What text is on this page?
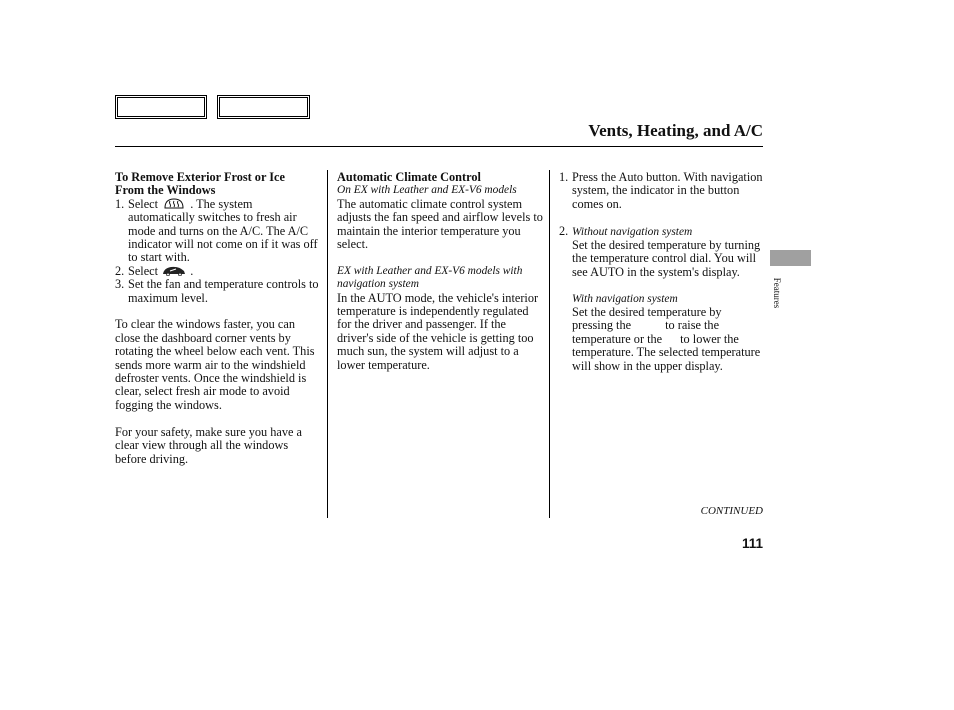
Vents, Heating, and A/C

To Remove Exterior Frost or Ice

From the Windows

1. Select	. The system automatically switches to fresh air mode and turns on the A/C. The A/C indicator will not come on if it was off to start with.
2. Select	.
3. Set the fan and temperature controls to maximum level.

To clear the windows faster, you can close the dashboard corner vents by rotating the wheel below each vent. This sends more warm air to the windshield defroster vents. Once the windshield is clear, select fresh air mode to avoid fogging the windows.

For your safety, make sure you have a clear view through all the windows before driving.

Automatic Climate Control

On EX with Leather and EX-V6 models

The automatic climate control system adjusts the fan speed and airflow levels to maintain the interior temperature you select.

EX with Leather and EX-V6 models with navigation system

In the AUTO mode, the vehicle's interior temperature is independently regulated for the driver and passenger. If the driver's side of the vehicle is getting too much sun, the system will adjust to a lower temperature.

1. Press the Auto button. With navigation system, the indicator in the button comes on.
2. Without navigation system

Set the desired temperature by turning the temperature control dial. You will see AUTO in the system's display.

With navigation system

Set the desired temperature by pressing the	to raise the temperature or the to lower the temperature. The selected temperature will show in the upper display.

CONTINUED
111
Features
